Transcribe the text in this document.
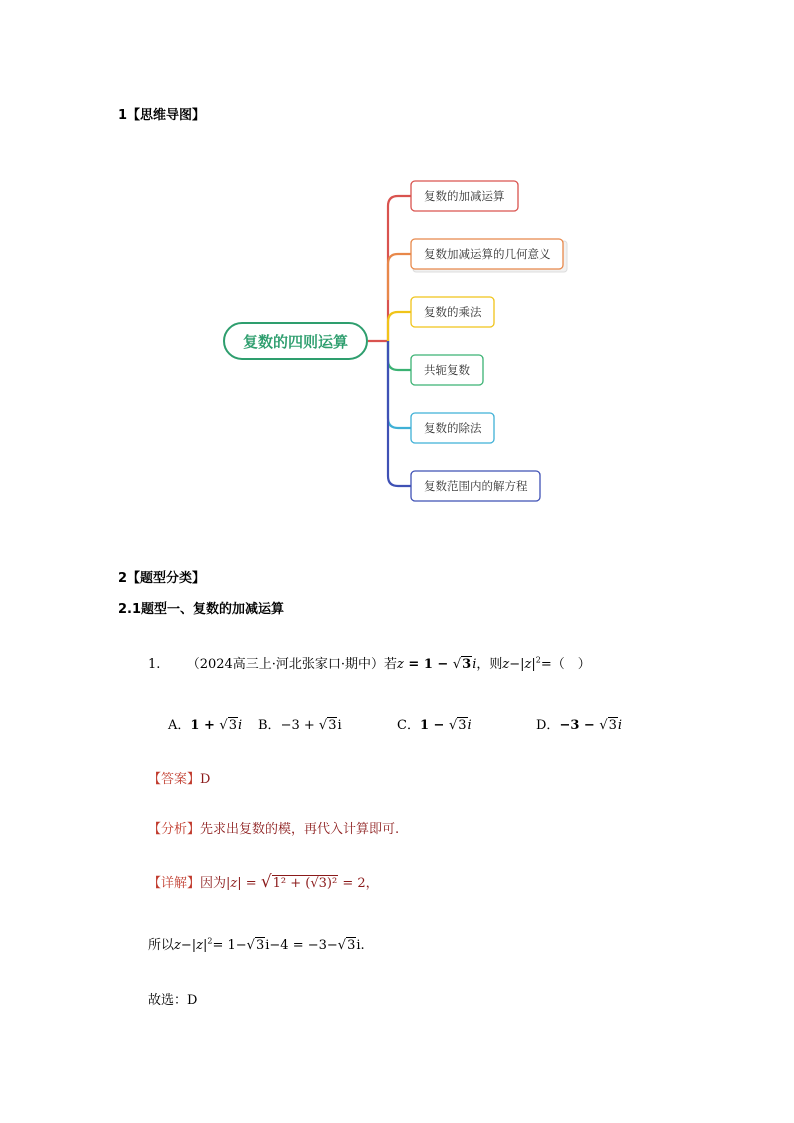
1【思维导图】
复数的四则运算
复数的加减运算
复数加减运算的几何意义
复数的乘法
共轭复数
复数的除法
复数范围内的解方程
2【题型分类】
2.1题型一、复数的加减运算
1. （2024高三上·河北张家口·期中）若z = 1 − √3i，则$z-|z|^2=$（　）
A．1 + √3i B．−3 + √3i	C．1 − √3i	D．−3 − √3i
【答案】D
【分析】先求出复数的模，再代入计算即可.
【详解】因为|z| = √1² + (√3)² = 2，
所以$z-|z|^2= 1-√3i-4 = -3-√3i$.
故选：D
